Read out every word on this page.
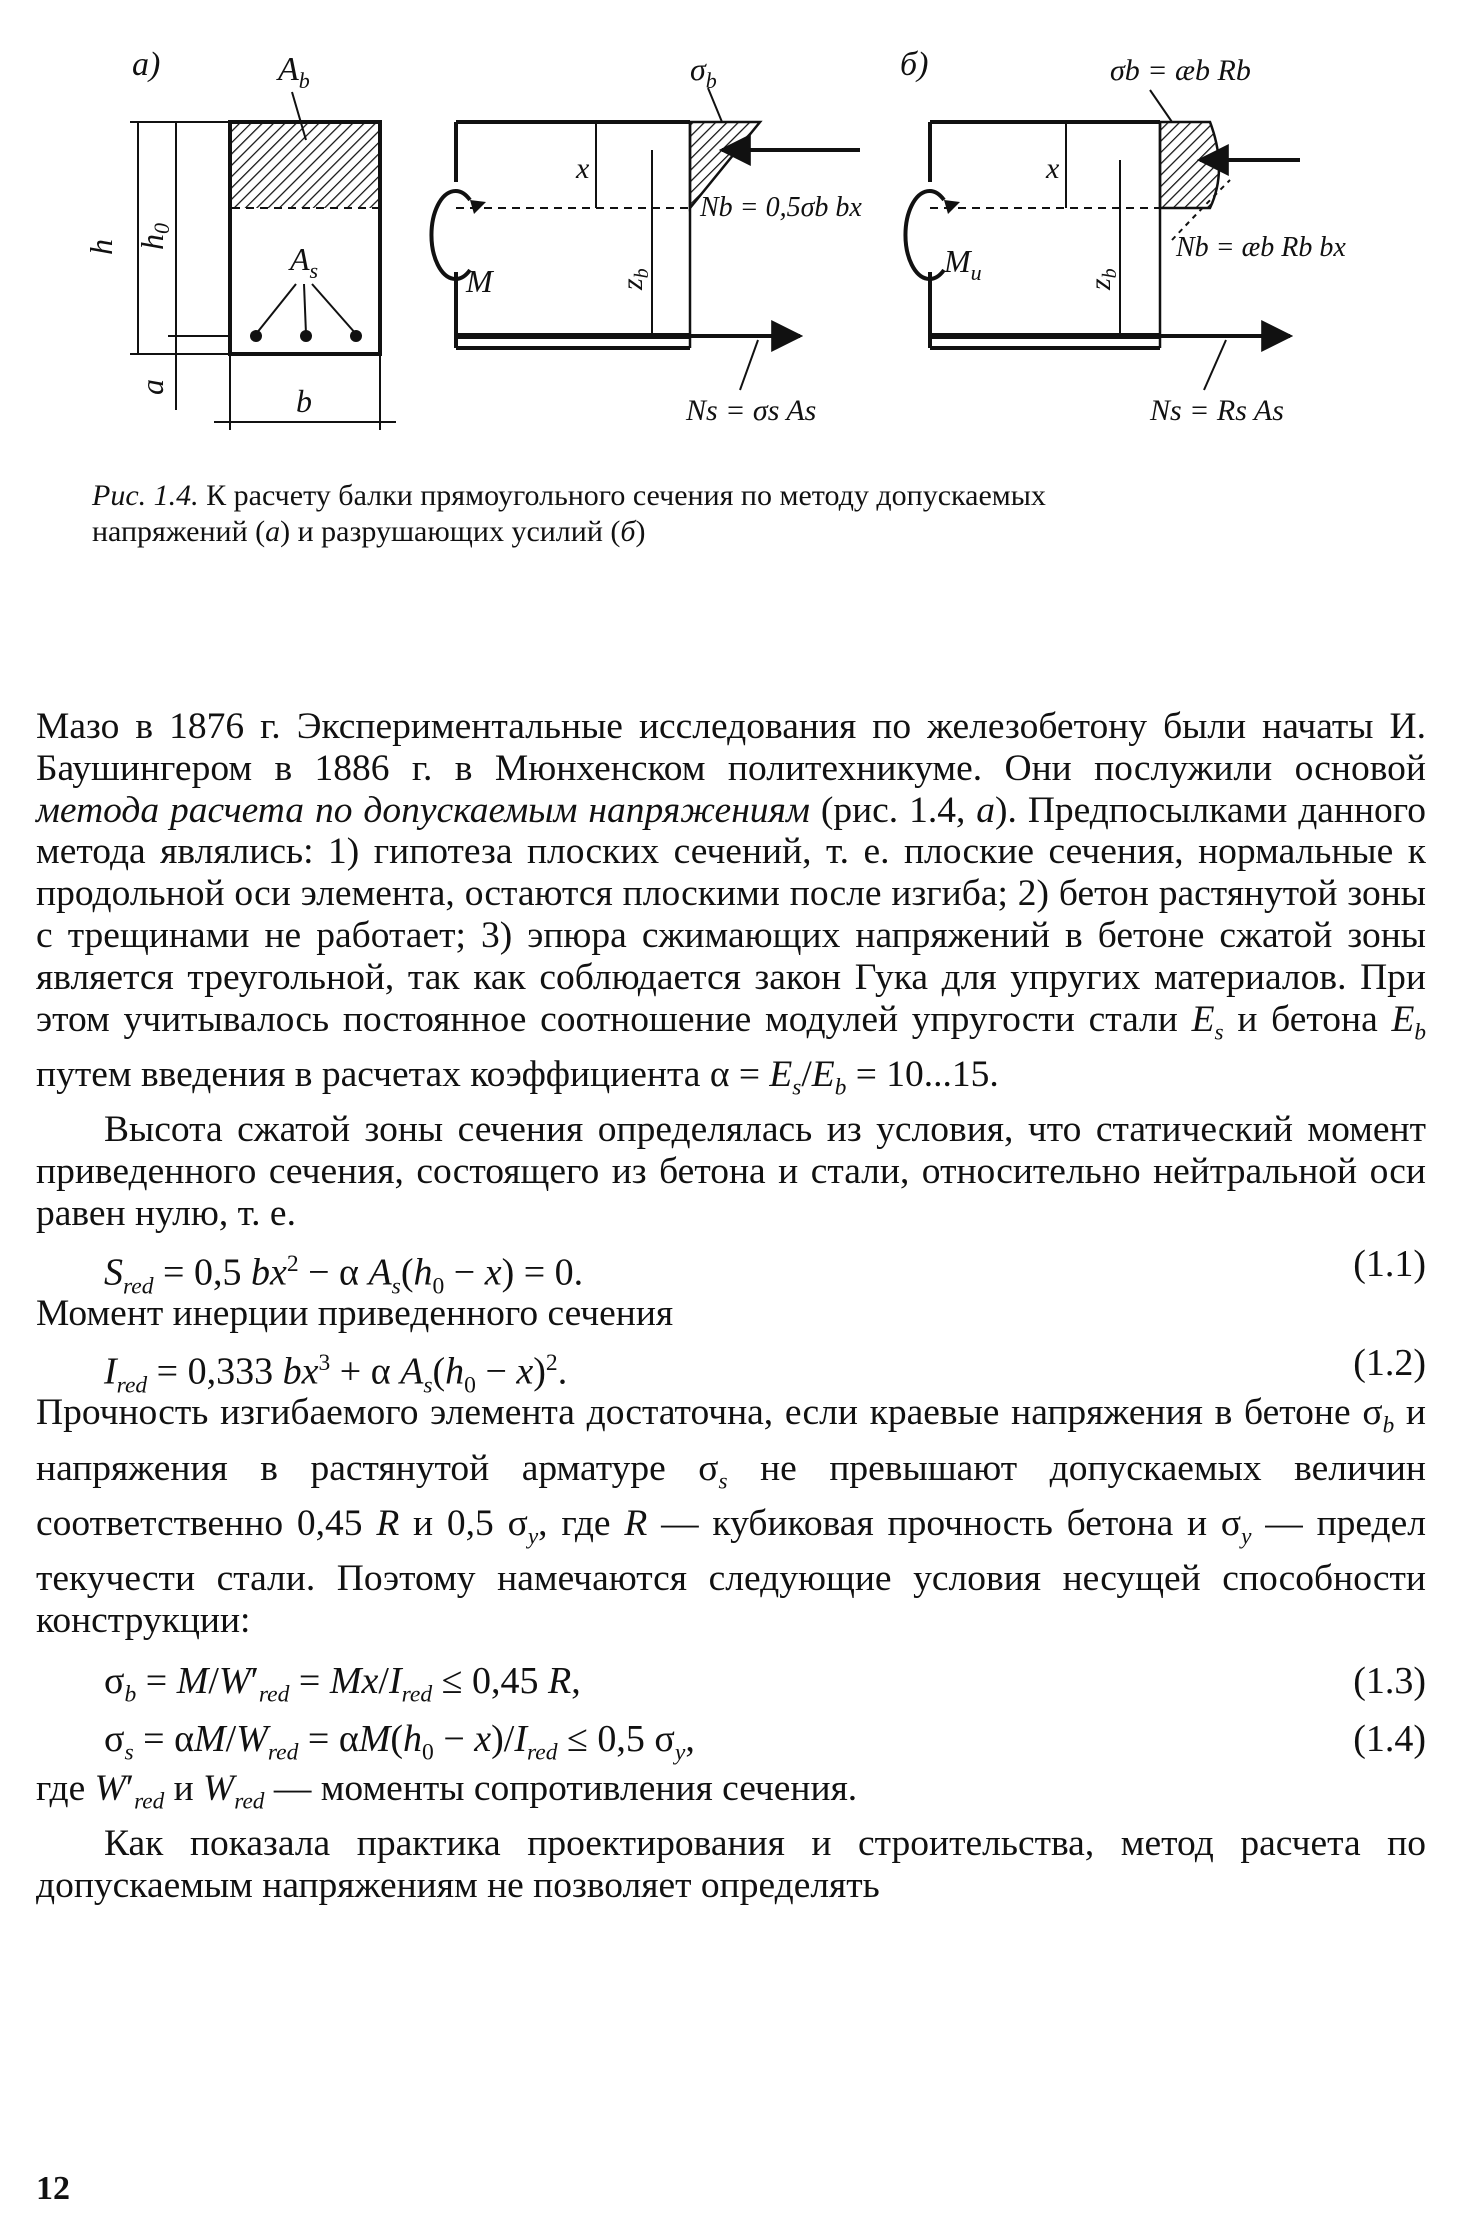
а)	$A_b$
$A_s$
h h0
a	b
M
$\sigma_b$
Nb = 0,5σb bx
Ns = σs As
x
$z_b$
б)
$M_u$
σb = æb Rb
Nb = æb Rb bx
Ns = Rs As
x
$z_b$
Рис. 1.4. К расчету балки прямоугольного сечения по методу допускаемых
напряжений (а) и разрушающих усилий (б)

Мазо в 1876 г. Экспериментальные исследования по железобетону были начаты И. Баушингером в 1886 г. в Мюнхенском политехникуме. Они послужили основой метода расчета по допускаемым напряжениям (рис. 1.4, а). Предпосылками данного метода являлись: 1) гипотеза плоских сечений, т. е. плоские сечения, нормальные к продольной оси элемента, остаются плоскими после изгиба; 2) бетон растянутой зоны с трещинами не работает; 3) эпюра сжимающих напряжений в бетоне сжатой зоны является треугольной, так как соблюдается закон Гука для упругих материалов. При этом учитывалось постоянное соотношение модулей упругости стали $E_s$ и бетона $E_b$ путем введения в расчетах коэффициента $\alpha = E_s/E_b = 10...15$.

Высота сжатой зоны сечения определялась из условия, что статический момент приведенного сечения, состоящего из бетона и стали, относительно нейтральной оси равен нулю, т. е.

$S_{red} = 0,5$ $bx^2 - \alpha$ $A_s(h_0 - x) = 0$.	(1.1)

Момент инерции приведенного сечения

$I_{red} = 0,333$ $bx^3 + \alpha$ $A_s(h_0 - x)^2$.	(1.2)

Прочность изгибаемого элемента достаточна, если краевые напряжения в бетоне $\sigma_b$ и напряжения в растянутой арматуре $\sigma_s$ не превышают допускаемых величин соответственно 0,45 R и 0,5 $\sigma_y$, где R — кубиковая прочность бетона и $\sigma_y$ — предел текучести стали. Поэтому намечаются следующие условия несущей способности конструкции:

$\sigma_b = M/W'_{red} = Mx/I_{red} \le 0,45$ R,	(1.3)
$\sigma_s = \alpha M/W_{red} = \alpha M(h_0 - x)/I_{red} \le 0,5$ $\sigma_y$,	(1.4)

где $W'_{red}$ и $W_{red}$ — моменты сопротивления сечения.

Как показала практика проектирования и строительства, метод расчета по допускаемым напряжениям не позволяет определять

12
